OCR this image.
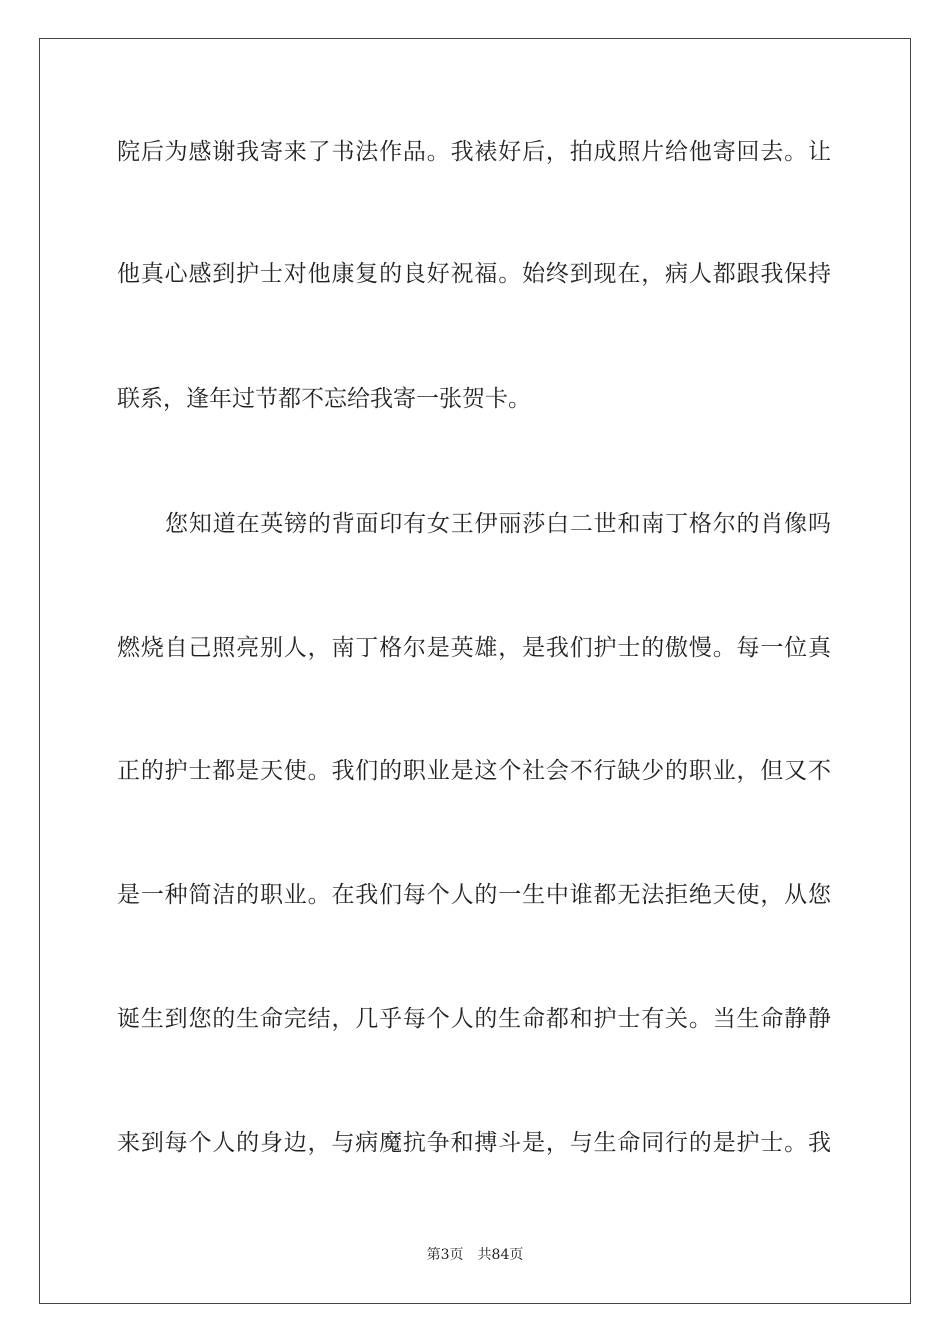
院后为感谢我寄来了书法作品。我裱好后，拍成照片给他寄回去。让
他真心感到护士对他康复的良好祝福。始终到现在，病人都跟我保持
联系，逢年过节都不忘给我寄一张贺卡。
您知道在英镑的背面印有女王伊丽莎白二世和南丁格尔的肖像吗
燃烧自己照亮别人，南丁格尔是英雄，是我们护士的傲慢。每一位真
正的护士都是天使。我们的职业是这个社会不行缺少的职业，但又不
是一种简洁的职业。在我们每个人的一生中谁都无法拒绝天使，从您
诞生到您的生命完结，几乎每个人的生命都和护士有关。当生命静静
来到每个人的身边，与病魔抗争和搏斗是，与生命同行的是护士。我
第3页 共84页
